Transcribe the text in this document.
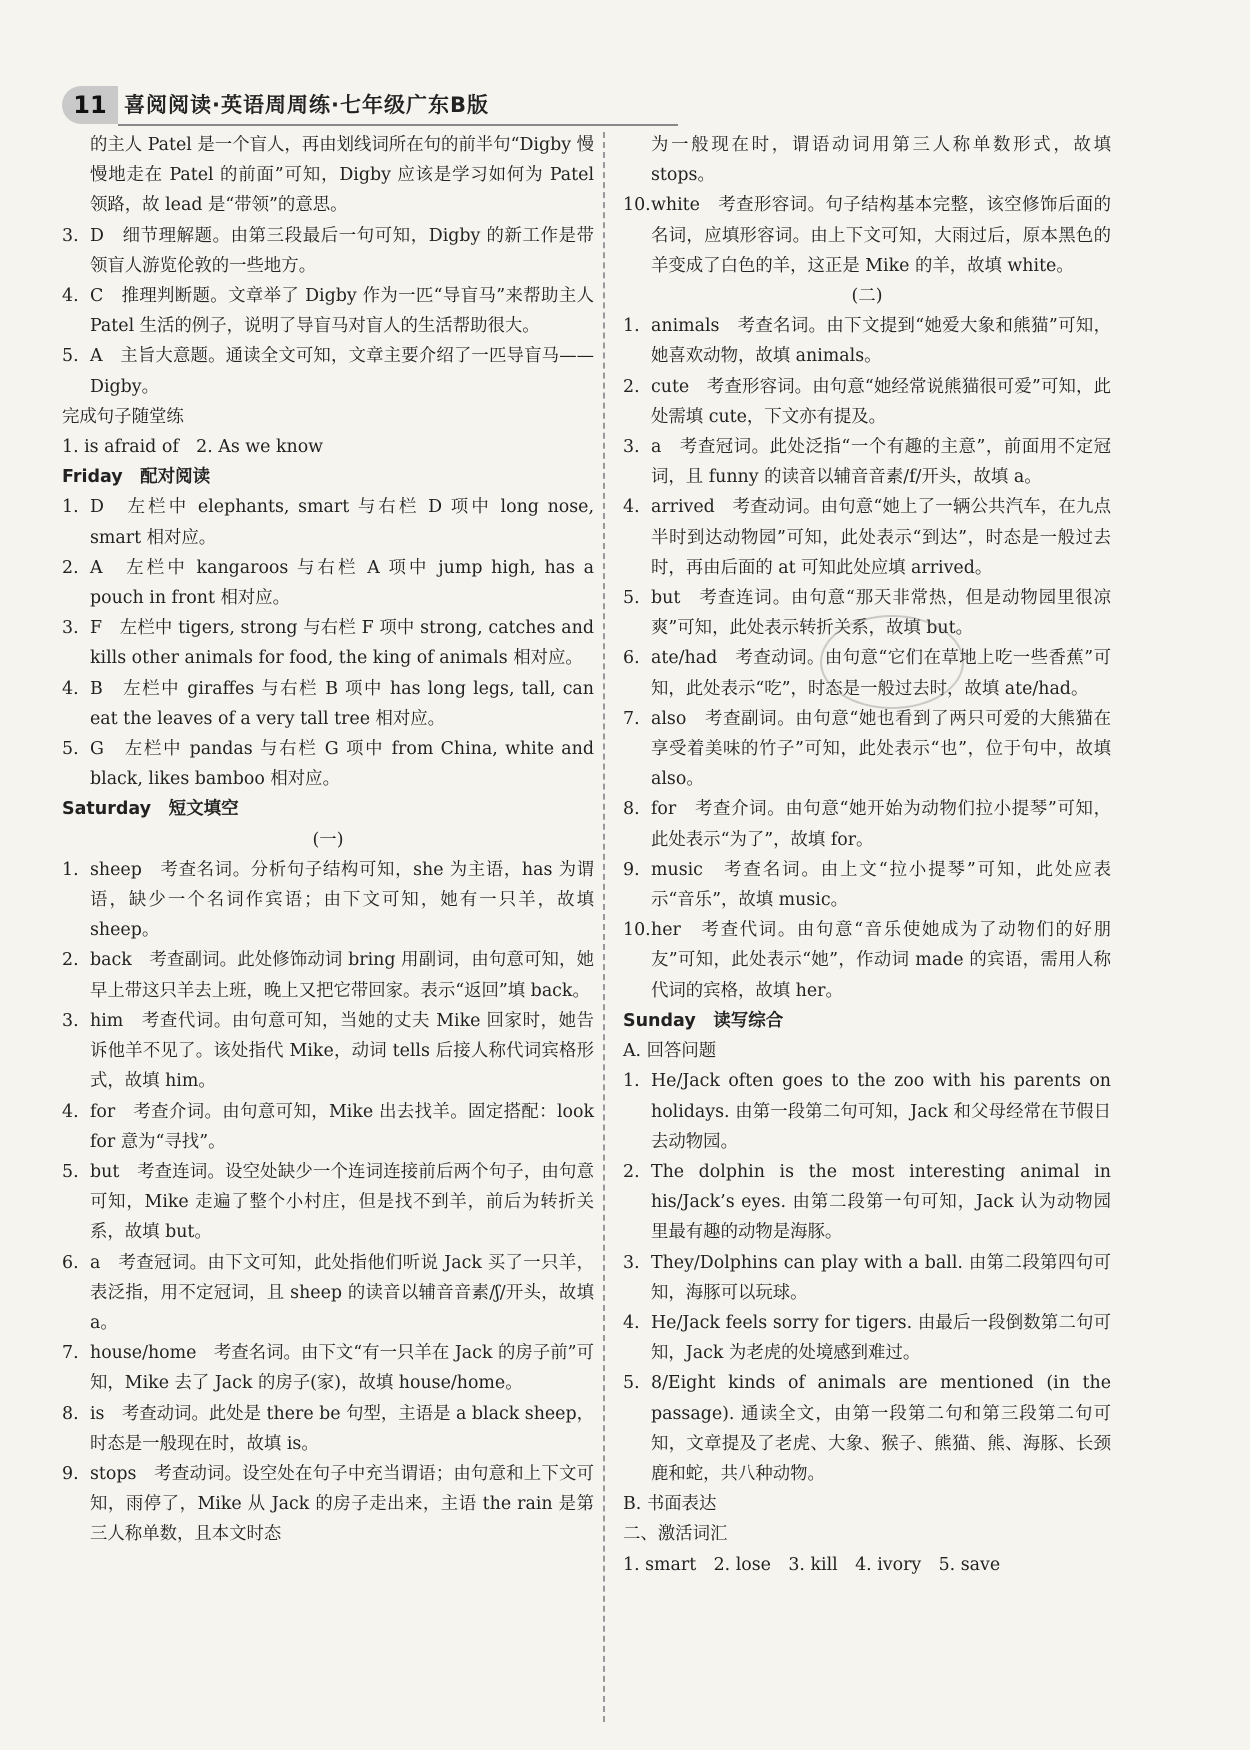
11 喜阅阅读·英语周周练·七年级广东B版
的主人 Patel 是一个盲人，再由划线词所在句的前半句“Digby 慢慢地走在 Patel 的前面”可知，Digby 应该是学习如何为 Patel 领路，故 lead 是“带领”的意思。
3. D　细节理解题。由第三段最后一句可知，Digby 的新工作是带领盲人游览伦敦的一些地方。
4. C　推理判断题。文章举了 Digby 作为一匹“导盲马”来帮助主人 Patel 生活的例子，说明了导盲马对盲人的生活帮助很大。
5. A　主旨大意题。通读全文可知，文章主要介绍了一匹导盲马——Digby。
完成句子随堂练
1. is afraid of　2. As we know
Friday　配对阅读
1. D　左栏中 elephants, smart 与右栏 D 项中 long nose, smart 相对应。
2. A　左栏中 kangaroos 与右栏 A 项中 jump high, has a pouch in front 相对应。
3. F　左栏中 tigers, strong 与右栏 F 项中 strong, catches and kills other animals for food, the king of animals 相对应。
4. B　左栏中 giraffes 与右栏 B 项中 has long legs, tall, can eat the leaves of a very tall tree 相对应。
5. G　左栏中 pandas 与右栏 G 项中 from China, white and black, likes bamboo 相对应。
Saturday　短文填空
(一)
1. sheep　考查名词。分析句子结构可知，she 为主语，has 为谓语，缺少一个名词作宾语；由下文可知，她有一只羊，故填 sheep。
2. back　考查副词。此处修饰动词 bring 用副词，由句意可知，她早上带这只羊去上班，晚上又把它带回家。表示“返回”填 back。
3. him　考查代词。由句意可知，当她的丈夫 Mike 回家时，她告诉他羊不见了。该处指代 Mike，动词 tells 后接人称代词宾格形式，故填 him。
4. for　考查介词。由句意可知，Mike 出去找羊。固定搭配：look for 意为“寻找”。
5. but　考查连词。设空处缺少一个连词连接前后两个句子，由句意可知，Mike 走遍了整个小村庄，但是找不到羊，前后为转折关系，故填 but。
6. a　考查冠词。由下文可知，此处指他们听说 Jack 买了一只羊，表泛指，用不定冠词，且 sheep 的读音以辅音音素/ʃ/开头，故填 a。
7. house/home　考查名词。由下文“有一只羊在 Jack 的房子前”可知，Mike 去了 Jack 的房子(家)，故填 house/home。
8. is　考查动词。此处是 there be 句型，主语是 a black sheep，时态是一般现在时，故填 is。
9. stops　考查动词。设空处在句子中充当谓语；由句意和上下文可知，雨停了，Mike 从 Jack 的房子走出来，主语 the rain 是第三人称单数，且本文时态
为一般现在时，谓语动词用第三人称单数形式，故填 stops。
10.white　考查形容词。句子结构基本完整，该空修饰后面的名词，应填形容词。由上下文可知，大雨过后，原本黑色的羊变成了白色的羊，这正是 Mike 的羊，故填 white。
(二)
1. animals　考查名词。由下文提到“她爱大象和熊猫”可知，她喜欢动物，故填 animals。
2. cute　考查形容词。由句意“她经常说熊猫很可爱”可知，此处需填 cute，下文亦有提及。
3. a　考查冠词。此处泛指“一个有趣的主意”，前面用不定冠词，且 funny 的读音以辅音音素/f/开头，故填 a。
4. arrived　考查动词。由句意“她上了一辆公共汽车，在九点半时到达动物园”可知，此处表示“到达”，时态是一般过去时，再由后面的 at 可知此处应填 arrived。
5. but　考查连词。由句意“那天非常热，但是动物园里很凉爽”可知，此处表示转折关系，故填 but。
6. ate/had　考查动词。由句意“它们在草地上吃一些香蕉”可知，此处表示“吃”，时态是一般过去时，故填 ate/had。
7. also　考查副词。由句意“她也看到了两只可爱的大熊猫在享受着美味的竹子”可知，此处表示“也”，位于句中，故填 also。
8. for　考查介词。由句意“她开始为动物们拉小提琴”可知，此处表示“为了”，故填 for。
9. music　考查名词。由上文“拉小提琴”可知，此处应表示“音乐”，故填 music。
10.her　考查代词。由句意“音乐使她成为了动物们的好朋友”可知，此处表示“她”，作动词 made 的宾语，需用人称代词的宾格，故填 her。
Sunday　读写综合
A. 回答问题
1. He/Jack often goes to the zoo with his parents on holidays. 由第一段第二句可知，Jack 和父母经常在节假日去动物园。
2. The dolphin is the most interesting animal in his/Jack’s eyes. 由第二段第一句可知，Jack 认为动物园里最有趣的动物是海豚。
3. They/Dolphins can play with a ball. 由第二段第四句可知，海豚可以玩球。
4. He/Jack feels sorry for tigers. 由最后一段倒数第二句可知，Jack 为老虎的处境感到难过。
5. 8/Eight kinds of animals are mentioned (in the passage). 通读全文，由第一段第二句和第三段第二句可知，文章提及了老虎、大象、猴子、熊猫、熊、海豚、长颈鹿和蛇，共八种动物。
B. 书面表达
二、激活词汇
1. smart　2. lose　3. kill　4. ivory　5. save
